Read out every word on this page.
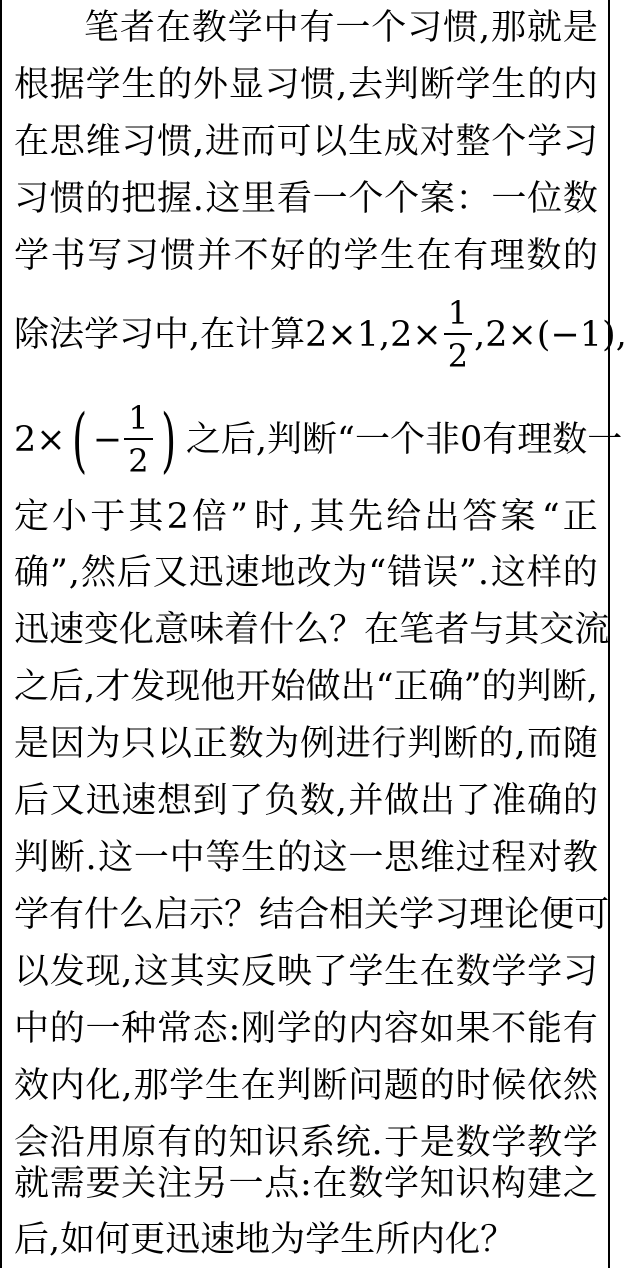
笔 者 在 教 学 中 有 一 个 习 惯 , 那 就 是
根 据 学 生 的 外 显 习 惯 , 去 判 断 学 生 的 内
在 思 维 习 惯 , 进 而 可 以 生 成 对 整 个 学 习
习 惯 的 把 握 . 这 里 看 一 个 个 案 ： 一 位 数
学 书 写 习 惯 并 不 好 的 学 生 在 有 理 数 的
除法学习中,在计算$2\times 1,2\times \frac{1}{2} ,2\times(-1)$,
2× ( − $\frac{1}{2}$ ) 之后,判断“一个非0有理数一
定 小 于 其 2 倍 ” 时 , 其 先 给 出 答 案 “ 正
确 ” , 然 后 又 迅 速 地 改 为 “ 错 误 ” . 这 样 的
迅 速 变 化 意 味 着 什 么 ？ 在 笔 者 与 其 交 流
之 后 , 才 发 现 他 开 始 做 出 “ 正 确 ” 的 判 断 ,
是 因 为 只 以 正 数 为 例 进 行 判 断 的 , 而 随
后 又 迅 速 想 到 了 负 数 , 并 做 出 了 准 确 的
判 断 . 这 一 中 等 生 的 这 一 思 维 过 程 对 教
学 有 什 么 启 示 ？ 结 合 相 关 学 习 理 论 便 可
以 发 现 , 这 其 实 反 映 了 学 生 在 数 学 学 习
中 的 一 种 常 态 : 刚 学 的 内 容 如 果 不 能 有
效 内 化 , 那 学 生 在 判 断 问 题 的 时 候 依 然
会 沿 用 原 有 的 知 识 系 统 . 于 是 数 学 教 学
就 需 要 关 注 另 一 点 : 在 数 学 知 识 构 建 之
后,如何更迅速地为学生所内化？
